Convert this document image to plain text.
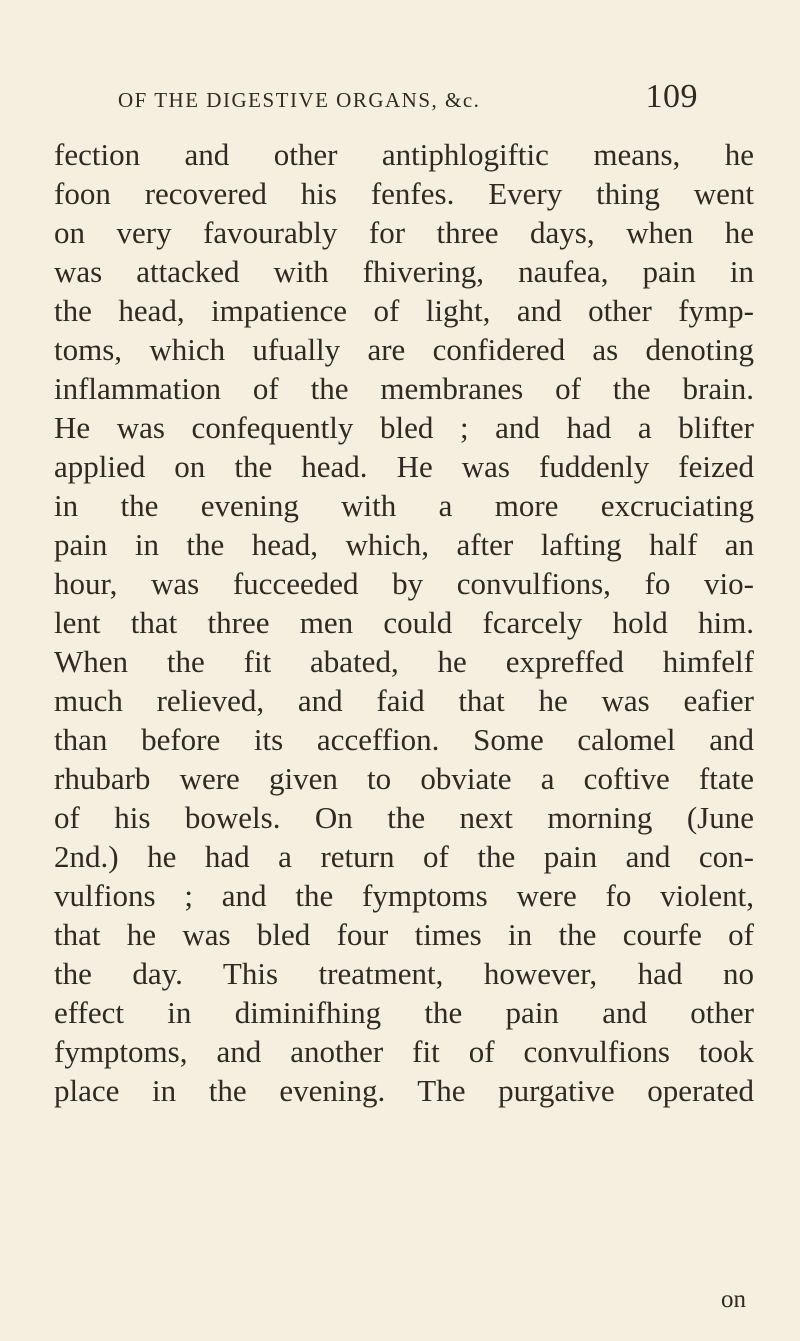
OF THE DIGESTIVE ORGANS, &c.	109
fection and other antiphlogiftic means, he
foon recovered his fenfes. Every thing went
on very favourably for three days, when he
was attacked with fhivering, naufea, pain in
the head, impatience of light, and other fymp-
toms, which ufually are confidered as denoting
inflammation of the membranes of the brain.
He was confequently bled ; and had a blifter
applied on the head. He was fuddenly feized
in the evening with a more excruciating
pain in the head, which, after lafting half an
hour, was fucceeded by convulfions, fo vio-
lent that three men could fcarcely hold him.
When the fit abated, he expreffed himfelf
much relieved, and faid that he was eafier
than before its acceffion. Some calomel and
rhubarb were given to obviate a coftive ftate
of his bowels. On the next morning (June
2nd.) he had a return of the pain and con-
vulfions ; and the fymptoms were fo violent,
that he was bled four times in the courfe of
the day. This treatment, however, had no
effect in diminifhing the pain and other
fymptoms, and another fit of convulfions took
place in the evening. The purgative operated
on
